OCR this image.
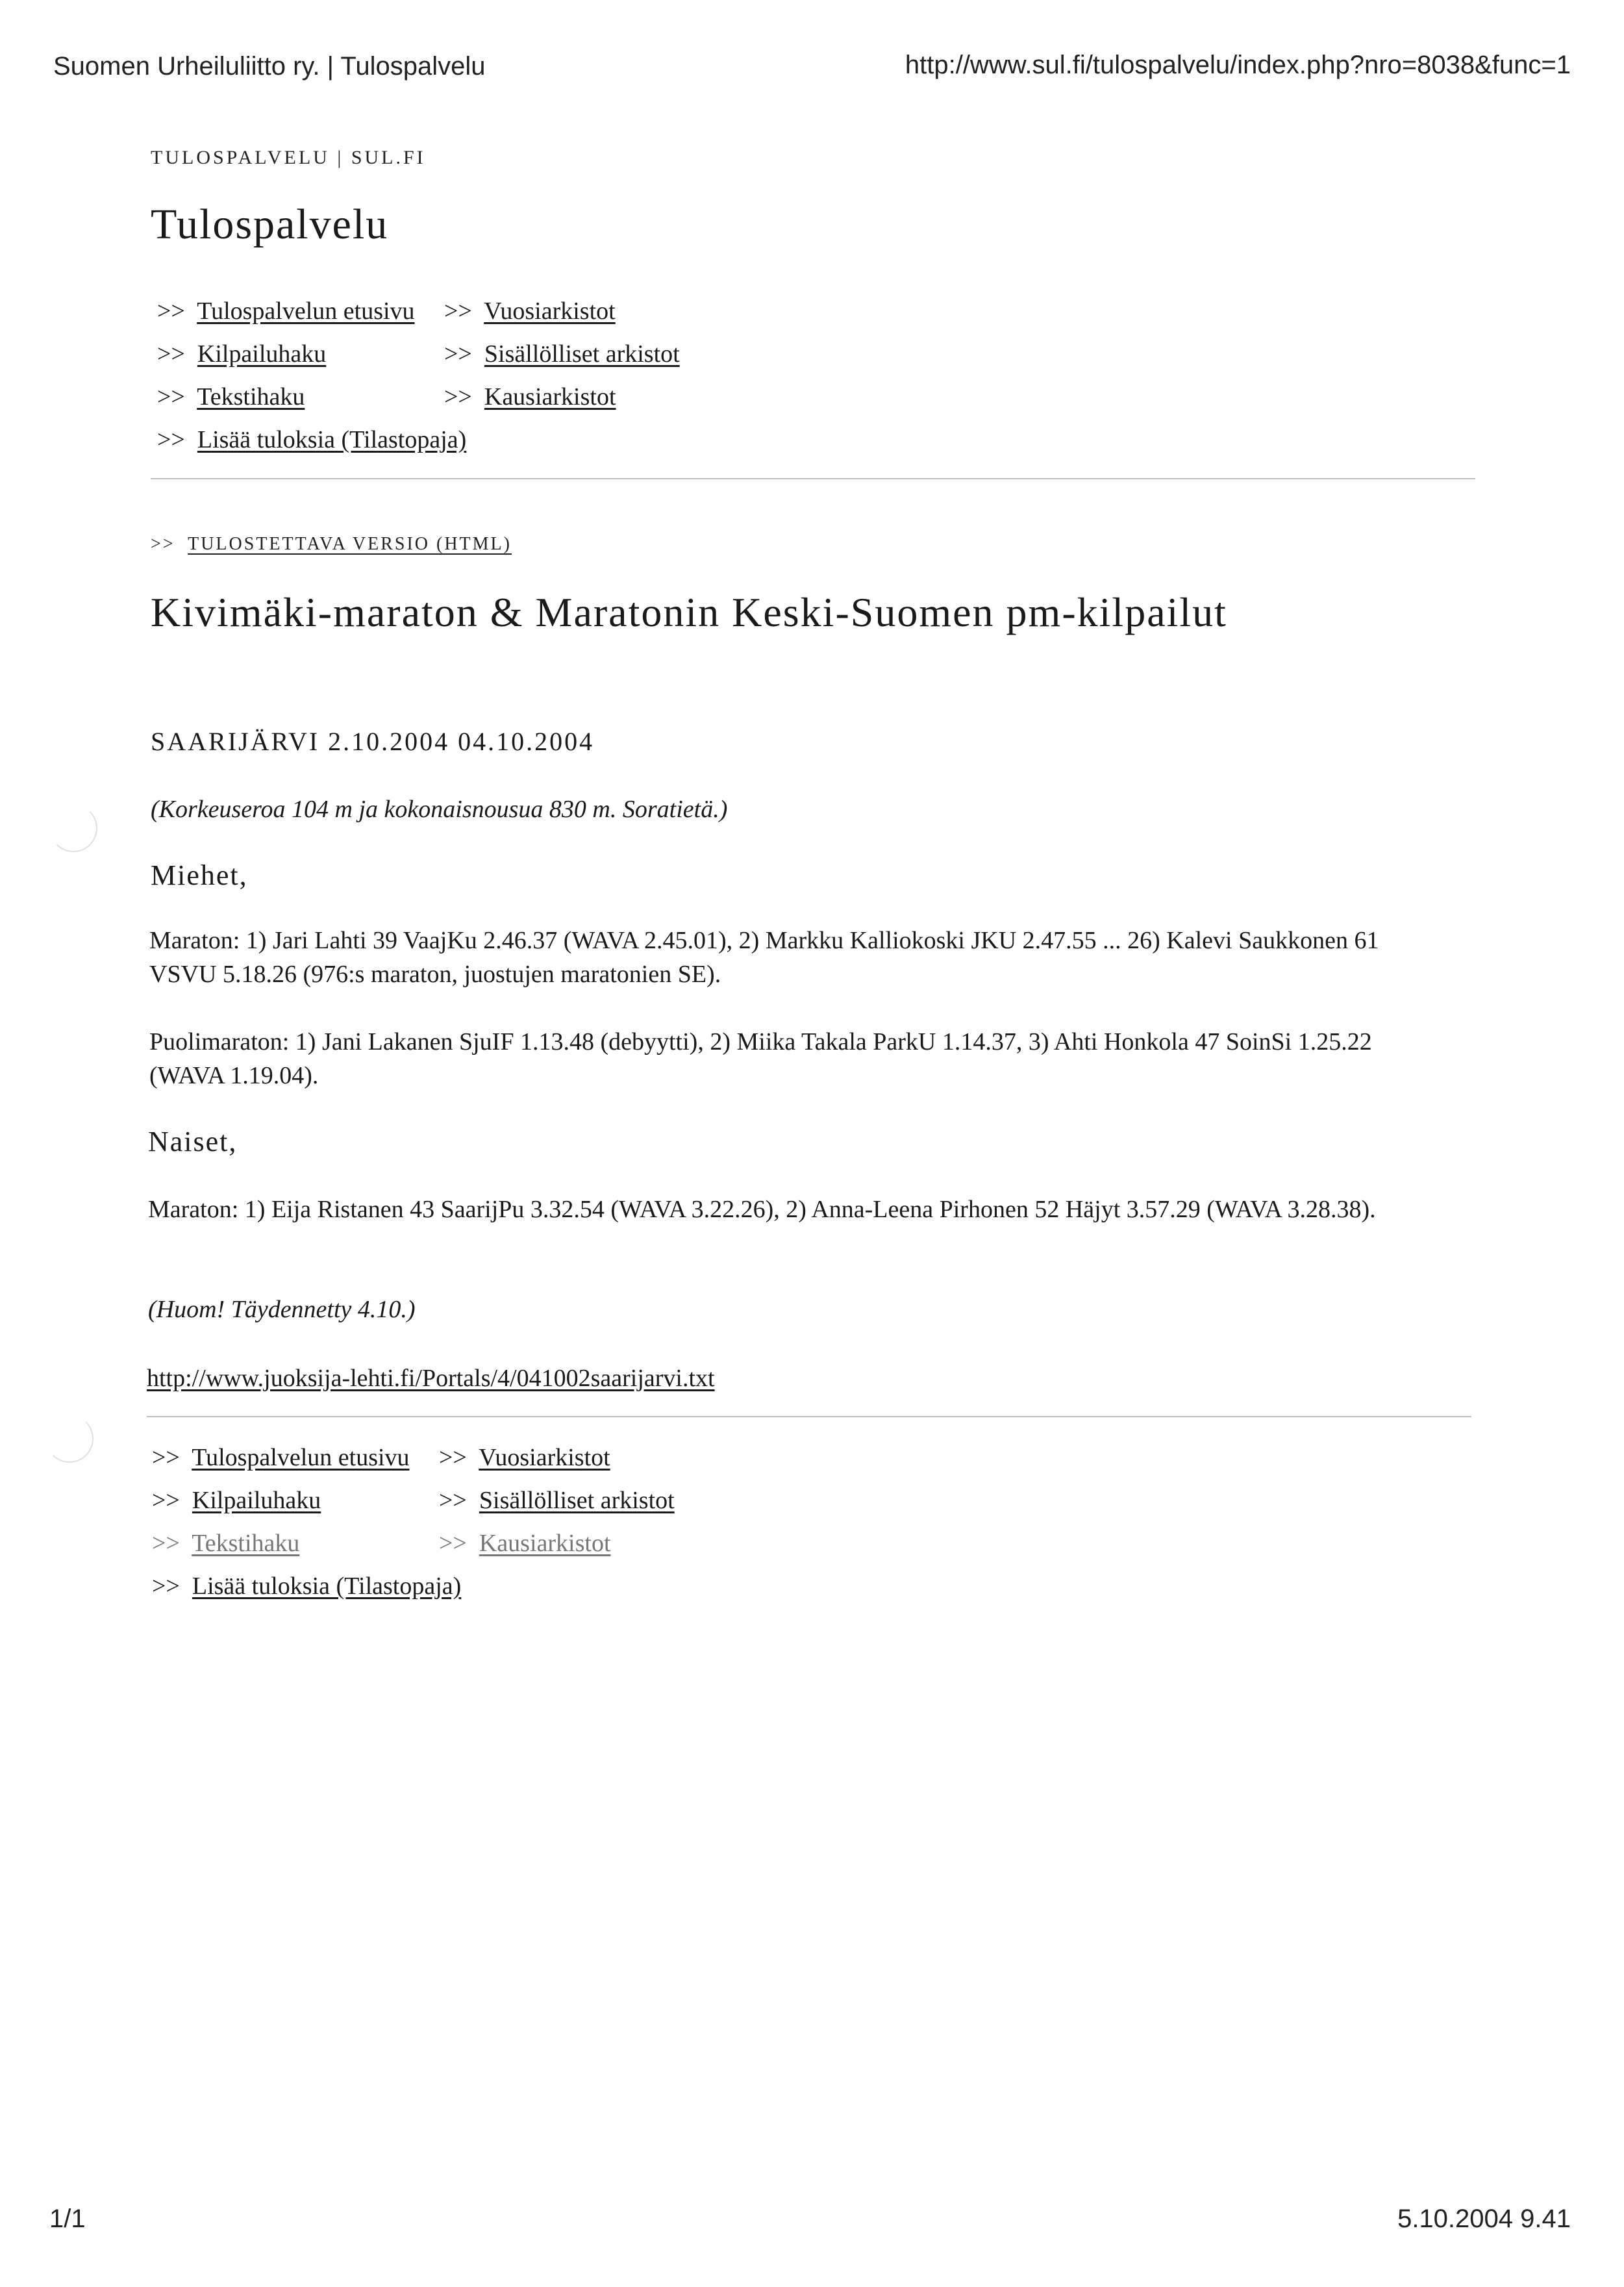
Suomen Urheiluliitto ry. | Tulospalvelu	http://www.sul.fi/tulospalvelu/index.php?nro=8038&func=1
TULOSPALVELU | SUL.FI
Tulospalvelu
>>  Tulospalvelun etusivu >>  Vuosiarkistot
>>  Kilpailuhaku	>>  Sisällölliset arkistot
>>  Tekstihaku	>>  Kausiarkistot
>>  Lisää tuloksia (Tilastopaja)
>>  TULOSTETTAVA VERSIO (HTML)
Kivimäki-maraton & Maratonin Keski-Suomen pm-kilpailut
SAARIJÄRVI 2.10.2004 04.10.2004
(Korkeuseroa 104 m ja kokonaisnousua 830 m. Soratietä.)
Miehet,
Maraton: 1) Jari Lahti 39 VaajKu 2.46.37 (WAVA 2.45.01), 2) Markku Kalliokoski JKU 2.47.55 ... 26) Kalevi Saukkonen 61 VSVU 5.18.26 (976:s maraton, juostujen maratonien SE).
Puolimaraton: 1) Jani Lakanen SjuIF 1.13.48 (debyytti), 2) Miika Takala ParkU 1.14.37, 3) Ahti Honkola 47 SoinSi 1.25.22 (WAVA 1.19.04).
Naiset,
Maraton: 1) Eija Ristanen 43 SaarijPu 3.32.54 (WAVA 3.22.26), 2) Anna-Leena Pirhonen 52 Häjyt 3.57.29 (WAVA 3.28.38).
(Huom! Täydennetty 4.10.)
http://www.juoksija-lehti.fi/Portals/4/041002saarijarvi.txt
>>  Tulospalvelun etusivu >>  Vuosiarkistot
>>  Kilpailuhaku	>>  Sisällölliset arkistot
>>  Tekstihaku	>>  Kausiarkistot
>>  Lisää tuloksia (Tilastopaja)
1/1	5.10.2004 9.41
